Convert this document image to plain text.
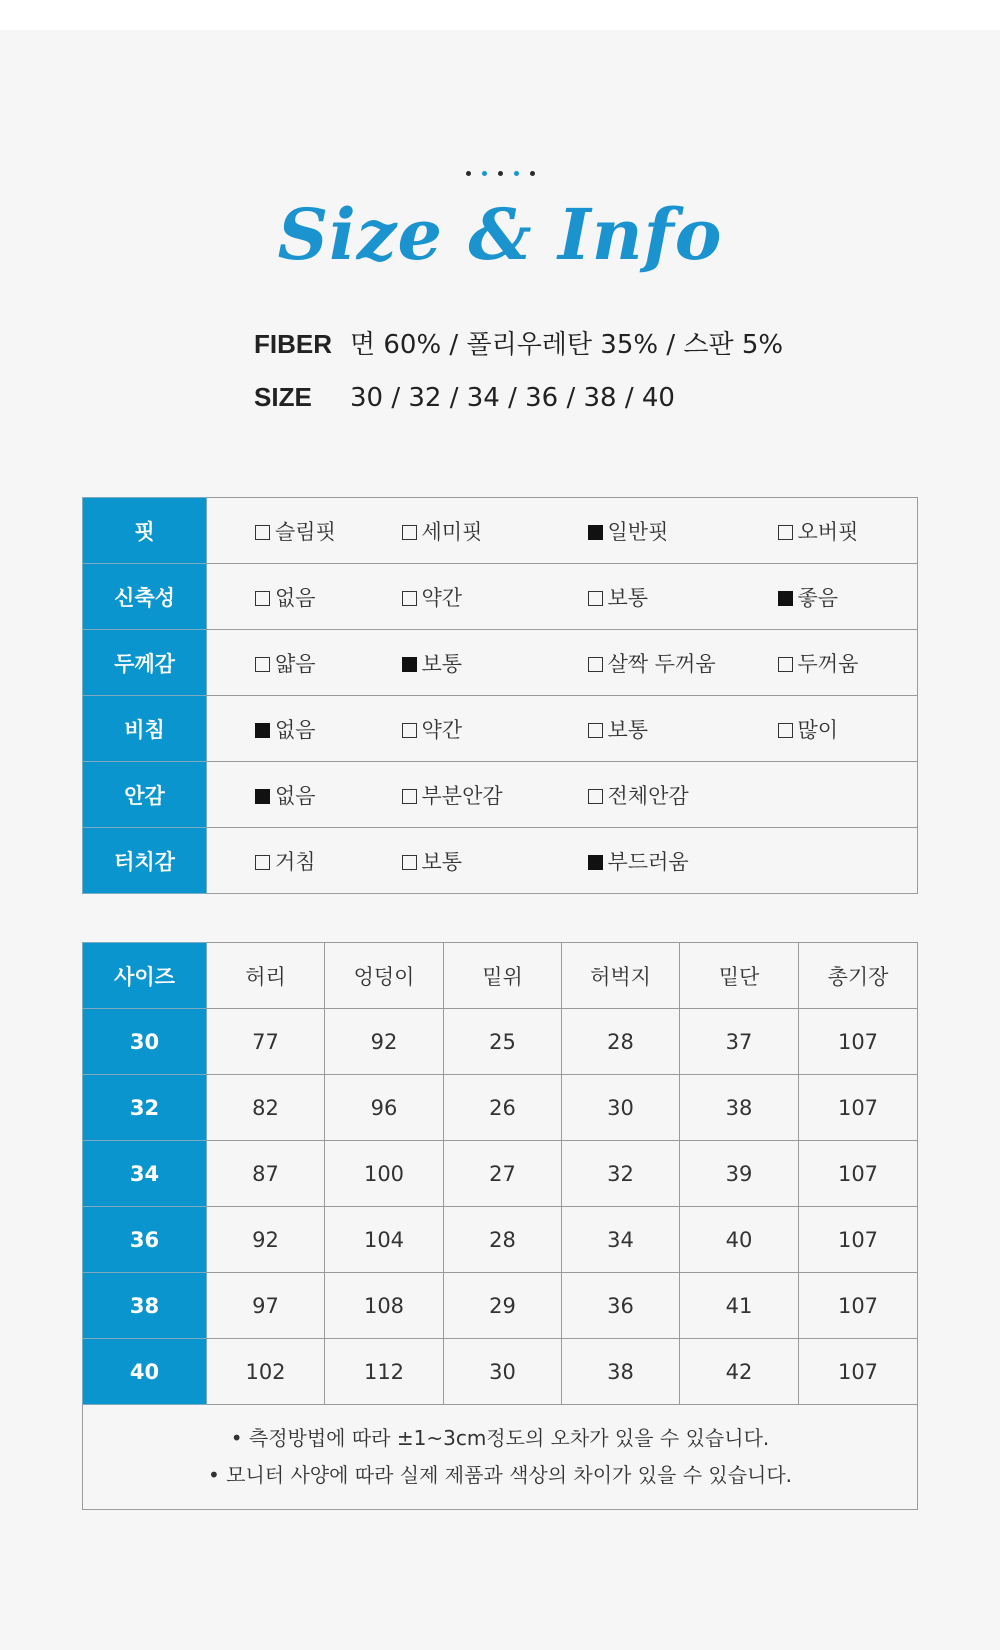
Size & Info
FIBER 면 60% / 폴리우레탄 35% / 스판 5%
SIZE 30 / 32 / 34 / 36 / 38 / 40
핏	슬림핏	세미핏	일반핏	오버핏
신축성	없음	약간	보통	좋음
두께감	얇음	보통	살짝 두꺼움	두꺼움
비침	없음	약간	보통	많이
안감	없음	부분안감	전체안감	
터치감	거침	보통	부드러움	
사이즈	허리	엉덩이	밑위	허벅지	밑단	총기장
30	77	92	25	28	37	107
32	82	96	26	30	38	107
34	87	100	27	32	39	107
36	92	104	28	34	40	107
38	97	108	29	36	41	107
40	102	112	30	38	42	107

• 측정방법에 따라 ±1~3cm정도의 오차가 있을 수 있습니다.
• 모니터 사양에 따라 실제 제품과 색상의 차이가 있을 수 있습니다.						
